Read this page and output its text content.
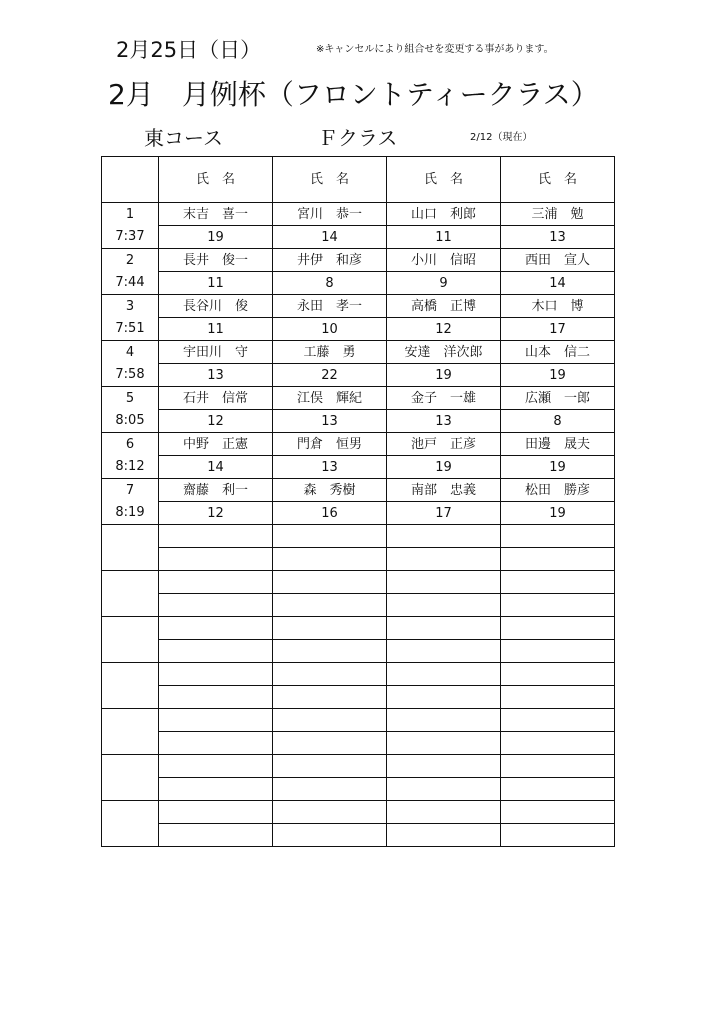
2月25日（日）	※キャンセルにより組合せを変更する事があります。
2月　月例杯（フロントティークラス）
東コース	Ｆクラス	2/12（現在）
	氏　名	氏　名	氏　名	氏　名
1	末吉　喜一	宮川　恭一	山口　利郎	三浦　勉
7:37	19	14	11	13
2	長井　俊一	井伊　和彦	小川　信昭	西田　宣人
7:44	11	8	9	14
3	長谷川　俊	永田　孝一	高橋　正博	木口　博
7:51	11	10	12	17
4	宇田川　守	工藤　勇	安達　洋次郎	山本　信二
7:58	13	22	19	19
5	石井　信常	江俣　輝紀	金子　一雄	広瀬　一郎
8:05	12	13	13	8
6	中野　正憲	門倉　恒男	池戸　正彦	田邊　晟夫
8:12	14	13	19	19
7	齋藤　利一	森　秀樹	南部　忠義	松田　勝彦
8:19	12	16	17	19
